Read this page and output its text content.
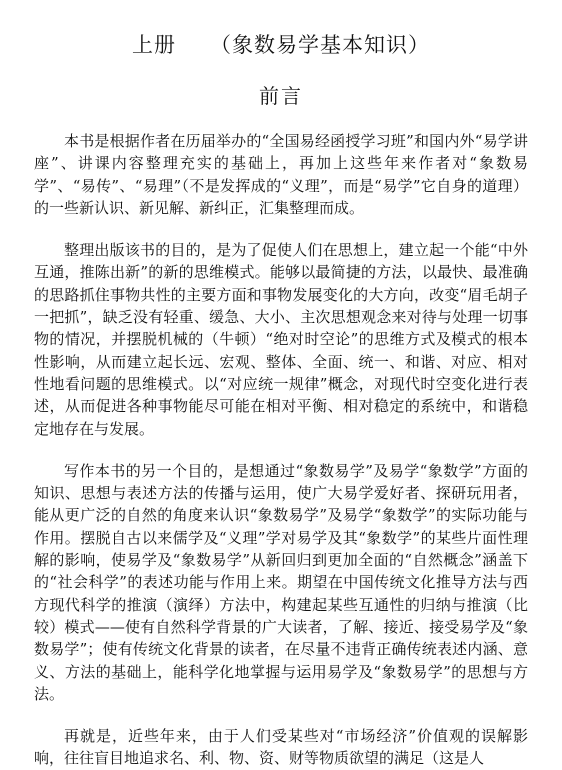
上册 （象数易学基本知识）
前言

本书是根据作者在历届举办的“全国易经函授学习班”和国内外“易学讲座”、讲课内容整理充实的基础上，再加上这些年来作者对“象数易学”、“易传”、“易理”（不是发挥成的“义理”，而是“易学”它自身的道理）的一些新认识、新见解、新纠正，汇集整理而成。

整理出版该书的目的，是为了促使人们在思想上，建立起一个能“中外互通，推陈出新”的新的思维模式。能够以最简捷的方法，以最快、最准确的思路抓住事物共性的主要方面和事物发展变化的大方向，改变“眉毛胡子一把抓”，缺乏没有轻重、缓急、大小、主次思想观念来对待与处理一切事物的情况，并摆脱机械的（牛顿）“绝对时空论”的思维方式及模式的根本性影响，从而建立起长远、宏观、整体、全面、统一、和谐、对应、相对性地看问题的思维模式。以“对应统一规律”概念，对现代时空变化进行表述，从而促进各种事物能尽可能在相对平衡、相对稳定的系统中，和谐稳定地存在与发展。

写作本书的另一个目的，是想通过“象数易学”及易学“象数学”方面的知识、思想与表述方法的传播与运用，使广大易学爱好者、探研玩用者，能从更广泛的自然的角度来认识“象数易学”及易学“象数学”的实际功能与作用。摆脱自古以来儒学及“义理”学对易学及其“象数学”的某些片面性理解的影响，使易学及“象数易学”从新回归到更加全面的“自然概念”涵盖下的“社会科学”的表述功能与作用上来。期望在中国传统文化推导方法与西方现代科学的推演（演绎）方法中，构建起某些互通性的归纳与推演（比较）模式——使有自然科学背景的广大读者，了解、接近、接受易学及“象数易学”；使有传统文化背景的读者，在尽量不违背正确传统表述内涵、意义、方法的基础上，能科学化地掌握与运用易学及“象数易学”的思想与方法。

再就是，近些年来，由于人们受某些对“市场经济”价值观的误解影响，往往盲目地追求名、利、物、资、财等物质欲望的满足（这是人
